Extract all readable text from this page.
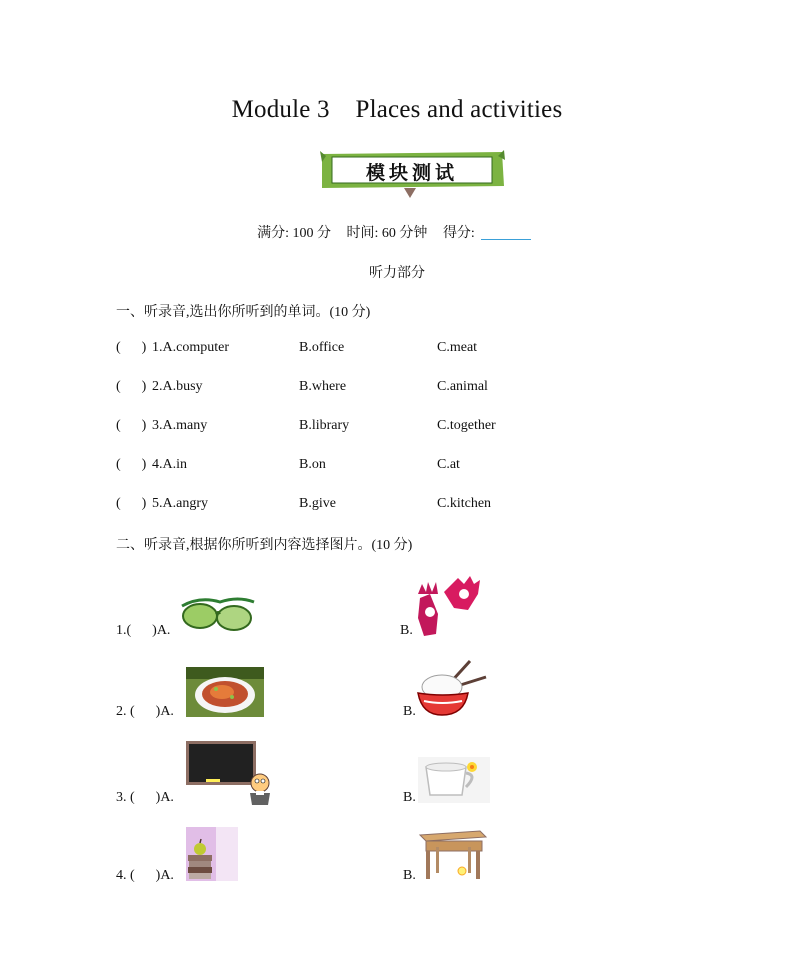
Module 3    Places and activities
模块测试
满分: 100 分 时间: 60 分钟 得分:
听力部分
一、听录音,选出你所听到的单词。(10 分)
(      ) 1.A.computer	B.office	C.meat
(      ) 2.A.busy	B.where	C.animal
(      ) 3.A.many	B.library	C.together
(      ) 4.A.in	B.on	C.at
(      ) 5.A.angry	B.give	C.kitchen
二、听录音,根据你所听到内容选择图片。(10 分)
1.(      )A.	B.
2. (      )A.	B.
3. (      )A.	B.
4. (      )A.	B.
